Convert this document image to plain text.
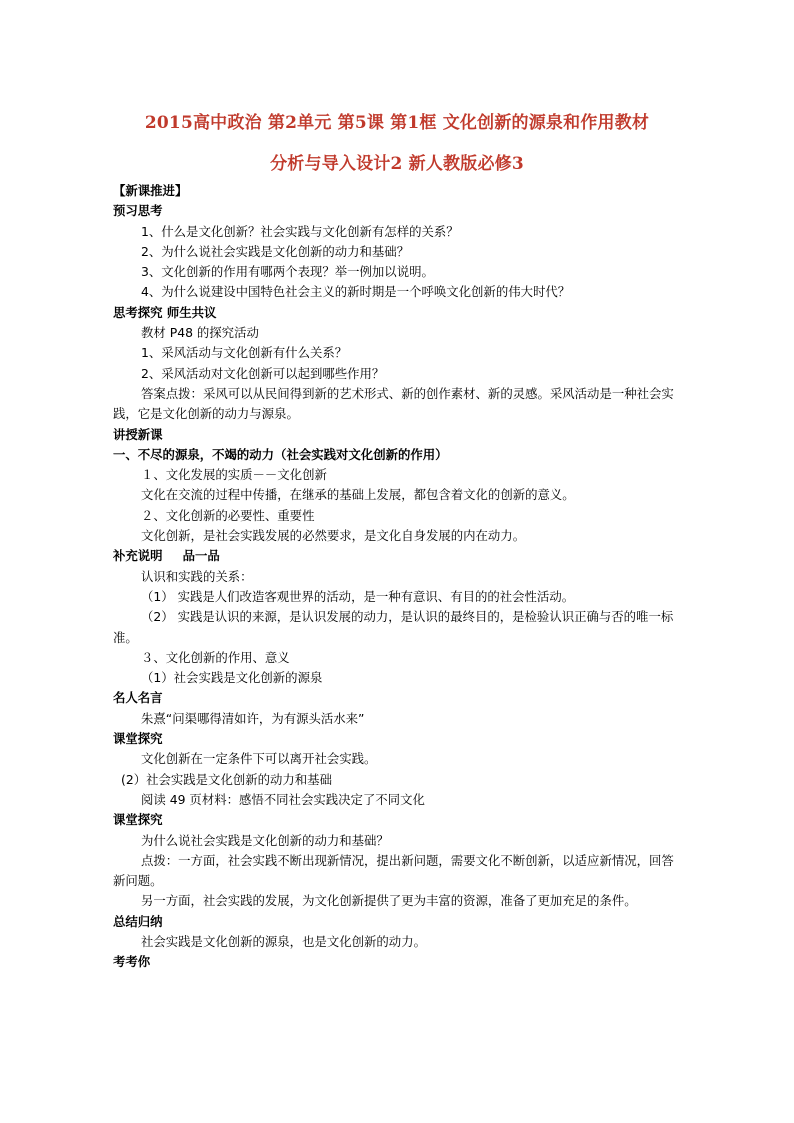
2015高中政治 第2单元 第5课 第1框 文化创新的源泉和作用教材
分析与导入设计2 新人教版必修3

【新课推进】

预习思考

1、什么是文化创新？社会实践与文化创新有怎样的关系？

2、为什么说社会实践是文化创新的动力和基础？

3、文化创新的作用有哪两个表现？举一例加以说明。

4、为什么说建设中国特色社会主义的新时期是一个呼唤文化创新的伟大时代？

思考探究 师生共议

教材 P48 的探究活动

1、采风活动与文化创新有什么关系？

2、采风活动对文化创新可以起到哪些作用？

答案点拨：采风可以从民间得到新的艺术形式、新的创作素材、新的灵感。采风活动是一种社会实践，它是文化创新的动力与源泉。

讲授新课

一、不尽的源泉，不竭的动力（社会实践对文化创新的作用）

１、文化发展的实质－－文化创新

文化在交流的过程中传播，在继承的基础上发展，都包含着文化的创新的意义。

２、文化创新的必要性、重要性

文化创新，是社会实践发展的必然要求，是文化自身发展的内在动力。

补充说明 品一品

认识和实践的关系：

（1） 实践是人们改造客观世界的活动，是一种有意识、有目的的社会性活动。

（2） 实践是认识的来源，是认识发展的动力，是认识的最终目的，是检验认识正确与否的唯一标准。

３、文化创新的作用、意义

（1）社会实践是文化创新的源泉

名人名言

朱熹“问渠哪得清如许，为有源头活水来”

课堂探究

文化创新在一定条件下可以离开社会实践。

(2）社会实践是文化创新的动力和基础

阅读 49 页材料：感悟不同社会实践决定了不同文化

课堂探究

为什么说社会实践是文化创新的动力和基础？

点拨：一方面，社会实践不断出现新情况，提出新问题，需要文化不断创新，以适应新情况，回答新问题。

另一方面，社会实践的发展，为文化创新提供了更为丰富的资源，准备了更加充足的条件。

总结归纳

社会实践是文化创新的源泉，也是文化创新的动力。

考考你
